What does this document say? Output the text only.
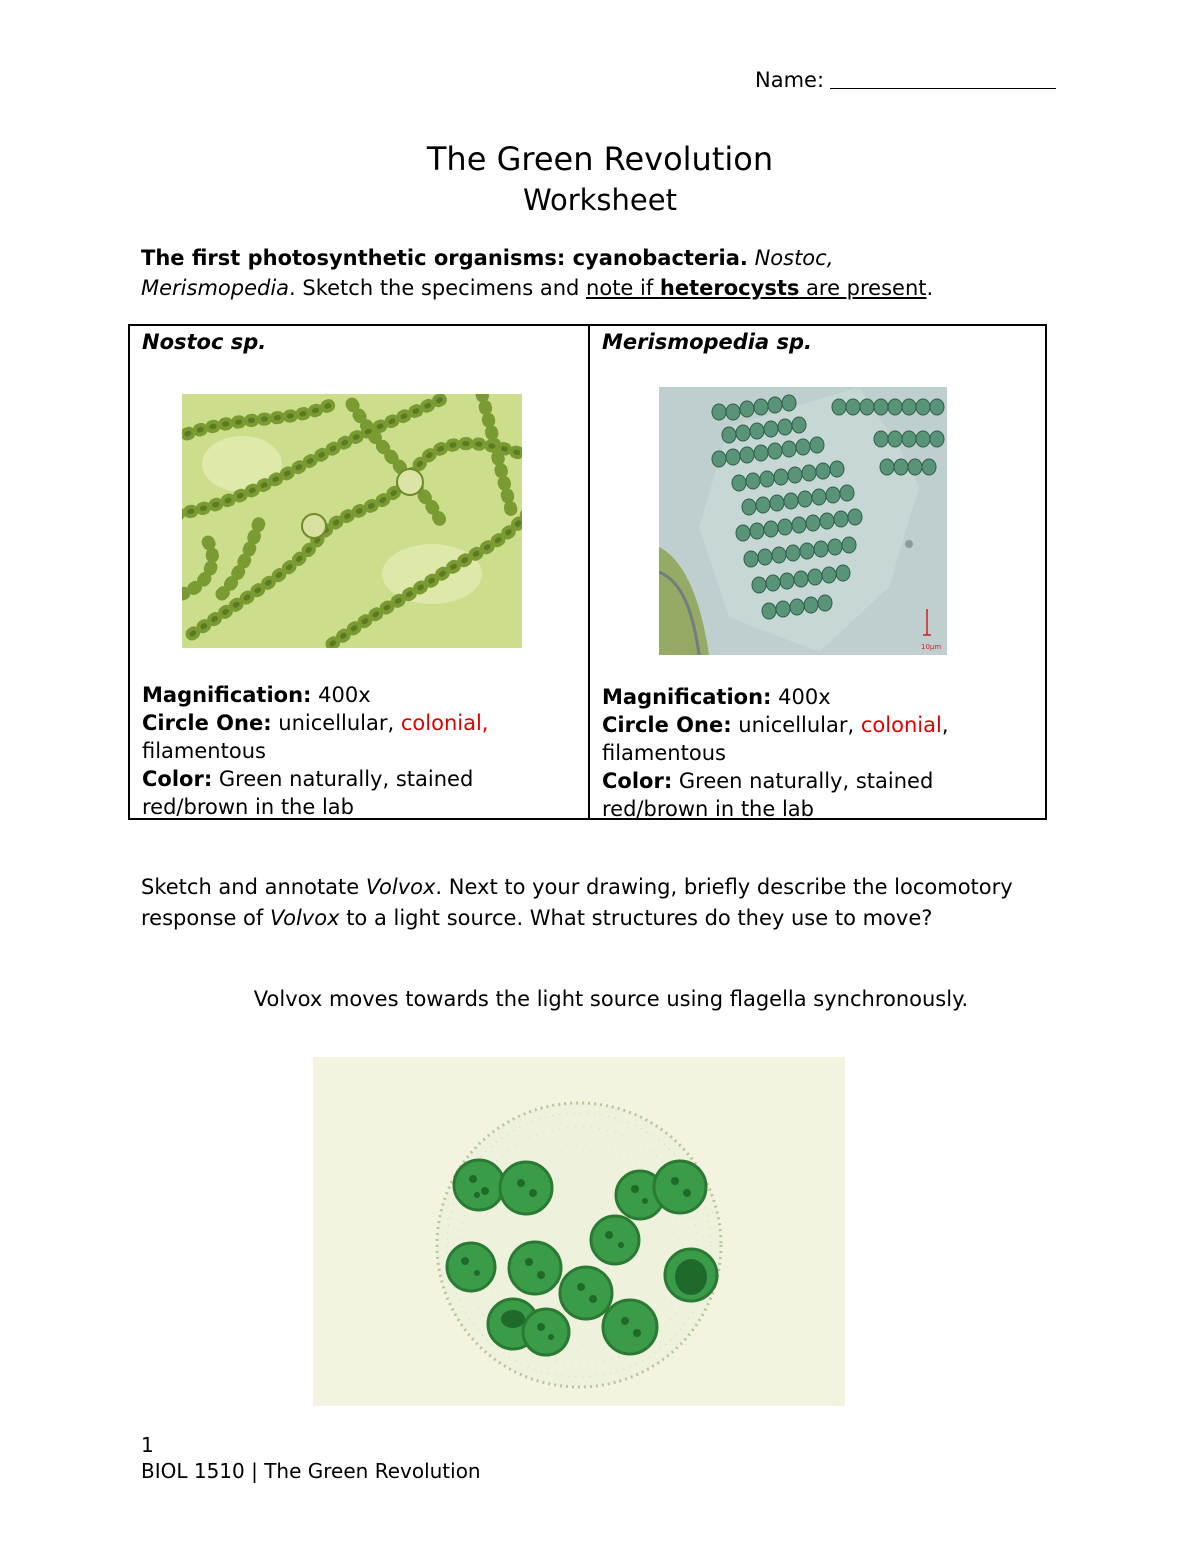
Name:
The Green Revolution
Worksheet
The first photosynthetic organisms: cyanobacteria. Nostoc,
Merismopedia. Sketch the specimens and note if heterocysts are present.
Nostoc sp.
Magnification: 400x
Circle One: unicellular, colonial,
filamentous
Color: Green naturally, stained red/brown in the lab
Merismopedia sp.
10µm
Magnification: 400x
Circle One: unicellular, colonial,
filamentous
Color: Green naturally, stained red/brown in the lab
Sketch and annotate Volvox. Next to your drawing, briefly describe the locomotory response of Volvox to a light source. What structures do they use to move?
Volvox moves towards the light source using flagella synchronously.
1
BIOL 1510 | The Green Revolution
